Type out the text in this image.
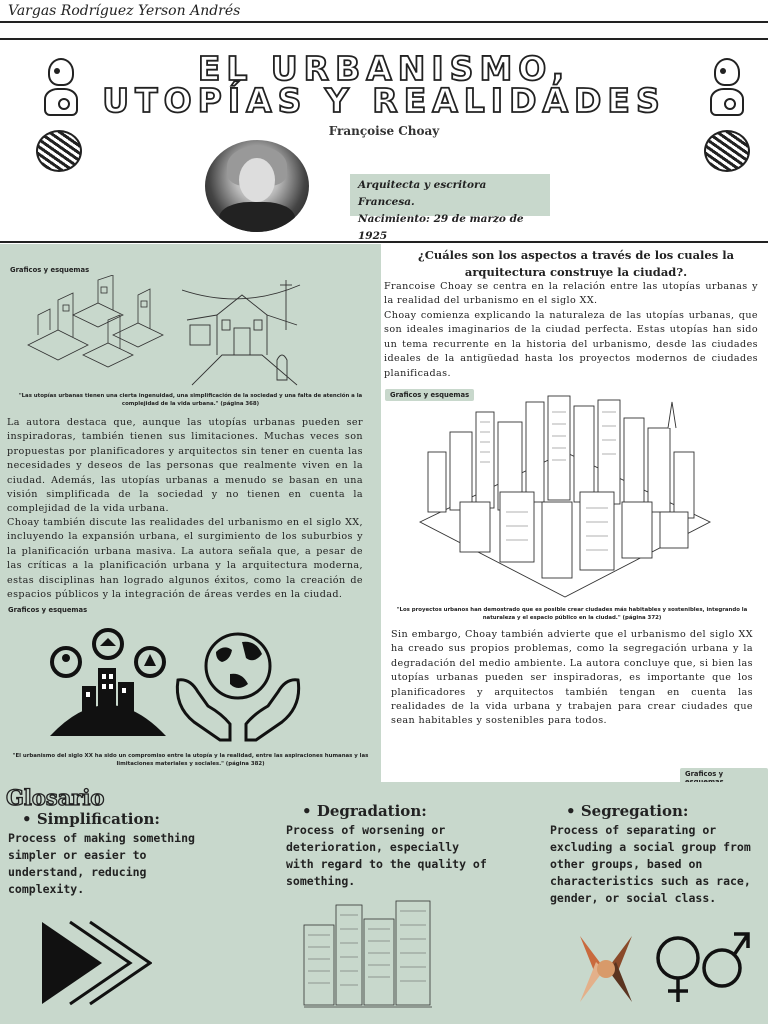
Vargas Rodríguez Yerson Andrés
EL URBANISMO,
UTOPÍAS Y REALIDADES
Françoise Choay
Arquitecta y escritora Francesa.
Nacimiento: 29 de marzo de 1925
Graficos y esquemas
"Las utopías urbanas tienen una cierta ingenuidad, una simplificación de la sociedad y una falta de atención a la complejidad de la vida urbana." (página 368)
La autora destaca que, aunque las utopías urbanas pueden ser inspiradoras, también tienen sus limitaciones. Muchas veces son propuestas por planificadores y arquitectos sin tener en cuenta las necesidades y deseos de las personas que realmente viven en la ciudad. Además, las utopías urbanas a menudo se basan en una visión simplificada de la sociedad y no tienen en cuenta la complejidad de la vida urbana.
Choay también discute las realidades del urbanismo en el siglo XX, incluyendo la expansión urbana, el surgimiento de los suburbios y la planificación urbana masiva. La autora señala que, a pesar de las críticas a la planificación urbana y la arquitectura moderna, estas disciplinas han logrado algunos éxitos, como la creación de espacios públicos y la integración de áreas verdes en la ciudad.
Graficos y esquemas
"El urbanismo del siglo XX ha sido un compromiso entre la utopía y la realidad, entre las aspiraciones humanas y las limitaciones materiales y sociales." (página 382)
¿Cuáles son los aspectos a través de los cuales la arquitectura construye la ciudad?.
Francoise Choay se centra en la relación entre las utopías urbanas y la realidad del urbanismo en el siglo XX.
Choay comienza explicando la naturaleza de las utopías urbanas, que son ideales imaginarios de la ciudad perfecta. Estas utopías han sido un tema recurrente en la historia del urbanismo, desde las ciudades ideales de la antigüedad hasta los proyectos modernos de ciudades planificadas.
Graficos y esquemas
"Los proyectos urbanos han demostrado que es posible crear ciudades más habitables y sostenibles, integrando la naturaleza y el espacio público en la ciudad." (página 372)
Sin embargo, Choay también advierte que el urbanismo del siglo XX ha creado sus propios problemas, como la segregación urbana y la degradación del medio ambiente. La autora concluye que, si bien las utopías urbanas pueden ser inspiradoras, es importante que los planificadores y arquitectos también tengan en cuenta las realidades de la vida urbana y trabajen para crear ciudades que sean habitables y sostenibles para todos.
Graficos y
Glosario
• Simplification:
Process of making something simpler or easier to understand, reducing complexity.
• Degradation:
Process of worsening or deterioration, especially with regard to the quality of something.
• Segregation:
Process of separating or excluding a social group from other groups, based on characteristics such as race, gender, or social class.
